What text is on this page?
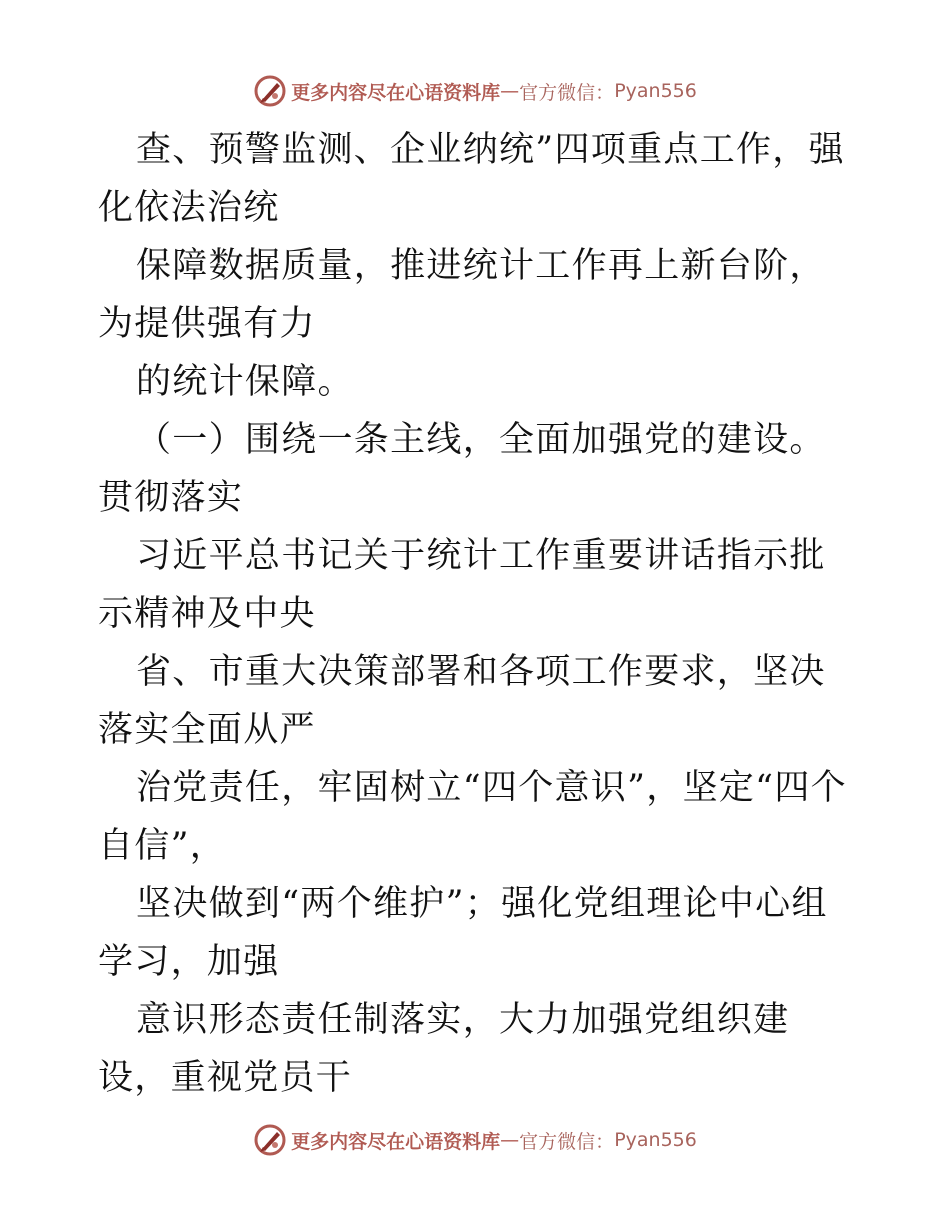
更多内容尽在心语资料库 — 官方微信： Pyan556

查、预警监测、企业纳统”四项重点工作，强化依法治统

保障数据质量，推进统计工作再上新台阶，为提供强有力

的统计保障。

（一）围绕一条主线，全面加强党的建设。贯彻落实

习近平总书记关于统计工作重要讲话指示批示精神及中央

省、市重大决策部署和各项工作要求，坚决落实全面从严

治党责任，牢固树立“四个意识”，坚定“四个自信”，

坚决做到“两个维护”；强化党组理论中心组学习，加强

意识形态责任制落实，大力加强党组织建设，重视党员干

更多内容尽在心语资料库 — 官方微信： Pyan556
